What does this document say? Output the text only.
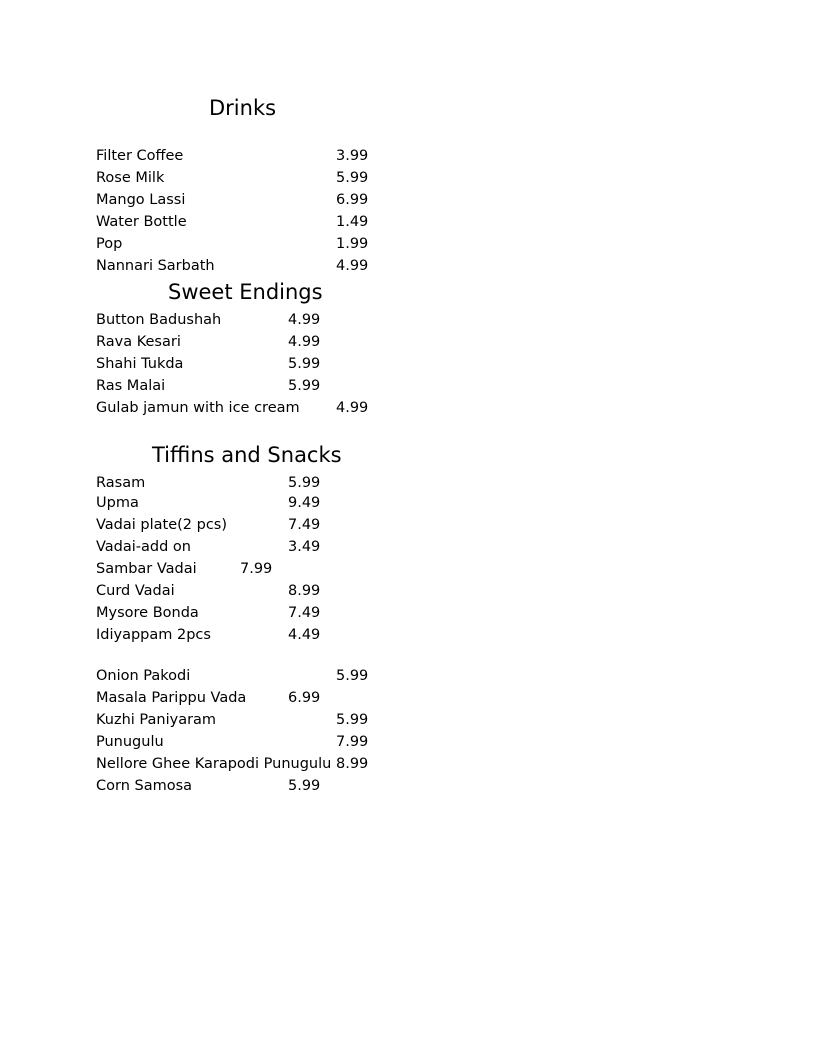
Drinks
Filter Coffee	3.99
Rose Milk	5.99
Mango Lassi	6.99
Water Bottle	1.49
Pop	1.99
Nannari Sarbath	4.99
Sweet Endings
Button Badushah	4.99
Rava Kesari	4.99
Shahi Tukda	5.99
Ras Malai	5.99
Gulab jamun with ice cream	4.99
Tiffins and Snacks
Rasam	5.99
Upma	9.49
Vadai plate(2 pcs)	7.49
Vadai-add on	3.49
Sambar Vadai	7.99
Curd Vadai	8.99
Mysore Bonda	7.49
Idiyappam 2pcs	4.49
Onion Pakodi	5.99
Masala Parippu Vada	6.99
Kuzhi Paniyaram	5.99
Punugulu	7.99
Nellore Ghee Karapodi Punugulu 8.99
Corn Samosa	5.99
